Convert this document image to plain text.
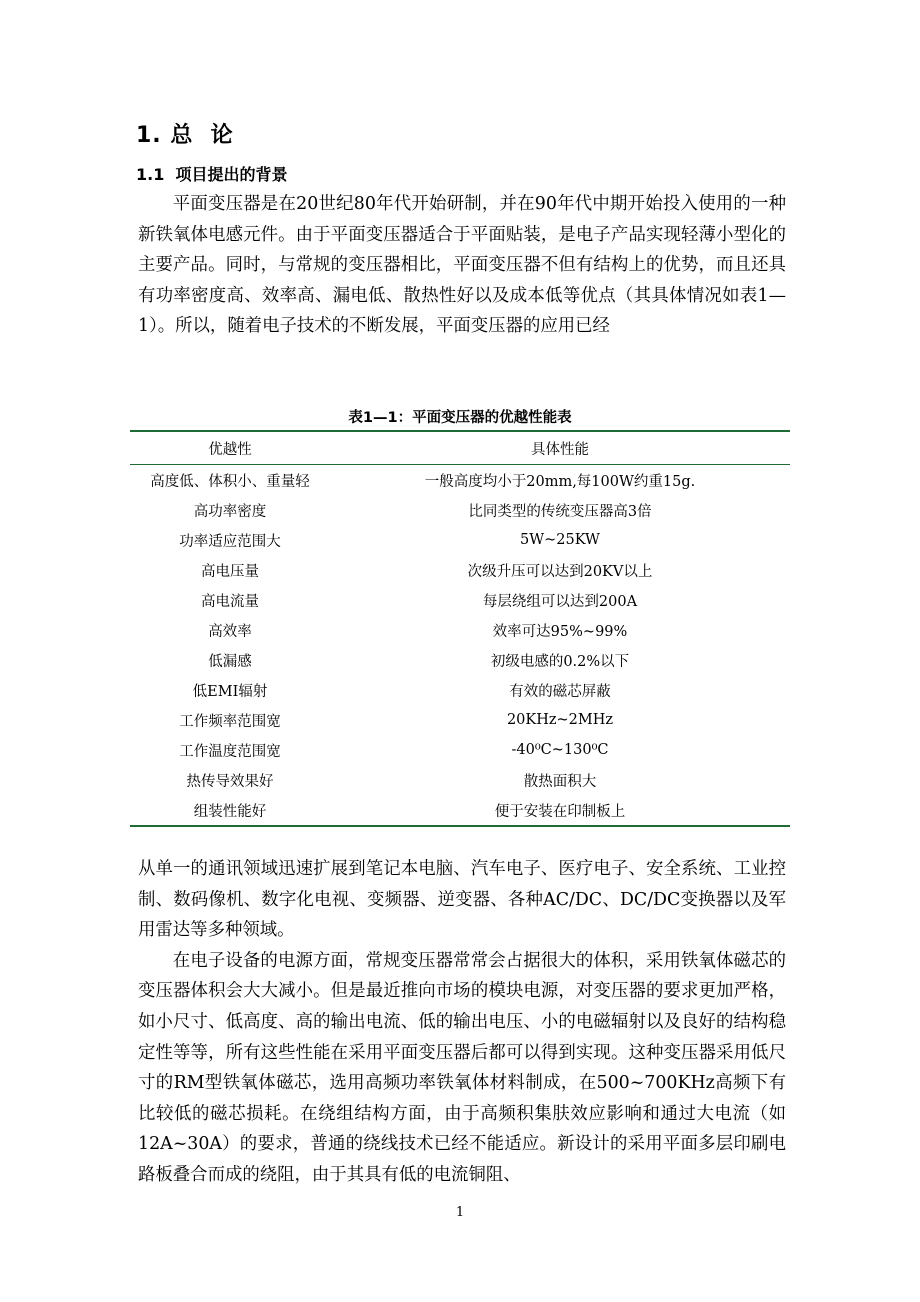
1. 总  论
1.1  项目提出的背景

平面变压器是在20世纪80年代开始研制，并在90年代中期开始投入使用的一种新铁氧体电感元件。由于平面变压器适合于平面贴装，是电子产品实现轻薄小型化的主要产品。同时，与常规的变压器相比，平面变压器不但有结构上的优势，而且还具有功率密度高、效率高、漏电低、散热性好以及成本低等优点（其具体情况如表1—1）。所以，随着电子技术的不断发展，平面变压器的应用已经

表1—1：平面变压器的优越性能表
优越性	具体性能
高度低、体积小、重量轻	一般高度均小于20mm,每100W约重15g.
高功率密度	比同类型的传统变压器高3倍
功率适应范围大	5W~25KW
高电压量	次级升压可以达到20KV以上
高电流量	每层绕组可以达到200A
高效率	效率可达95%~99%
低漏感	初级电感的0.2%以下
低EMI辐射	有效的磁芯屏蔽
工作频率范围宽	20KHz~2MHz
工作温度范围宽	-40⁰C~130⁰C
热传导效果好	散热面积大
组装性能好	便于安装在印制板上

从单一的通讯领域迅速扩展到笔记本电脑、汽车电子、医疗电子、安全系统、工业控制、数码像机、数字化电视、变频器、逆变器、各种AC/DC、DC/DC变换器以及军用雷达等多种领域。

在电子设备的电源方面，常规变压器常常会占据很大的体积，采用铁氧体磁芯的变压器体积会大大减小。但是最近推向市场的模块电源，对变压器的要求更加严格，如小尺寸、低高度、高的输出电流、低的输出电压、小的电磁辐射以及良好的结构稳定性等等，所有这些性能在采用平面变压器后都可以得到实现。这种变压器采用低尺寸的RM型铁氧体磁芯，选用高频功率铁氧体材料制成，在500~700KHz高频下有比较低的磁芯损耗。在绕组结构方面，由于高频积集肤效应影响和通过大电流（如12A~30A）的要求，普通的绕线技术已经不能适应。新设计的采用平面多层印刷电路板叠合而成的绕阻，由于其具有低的电流铜阻、

1
